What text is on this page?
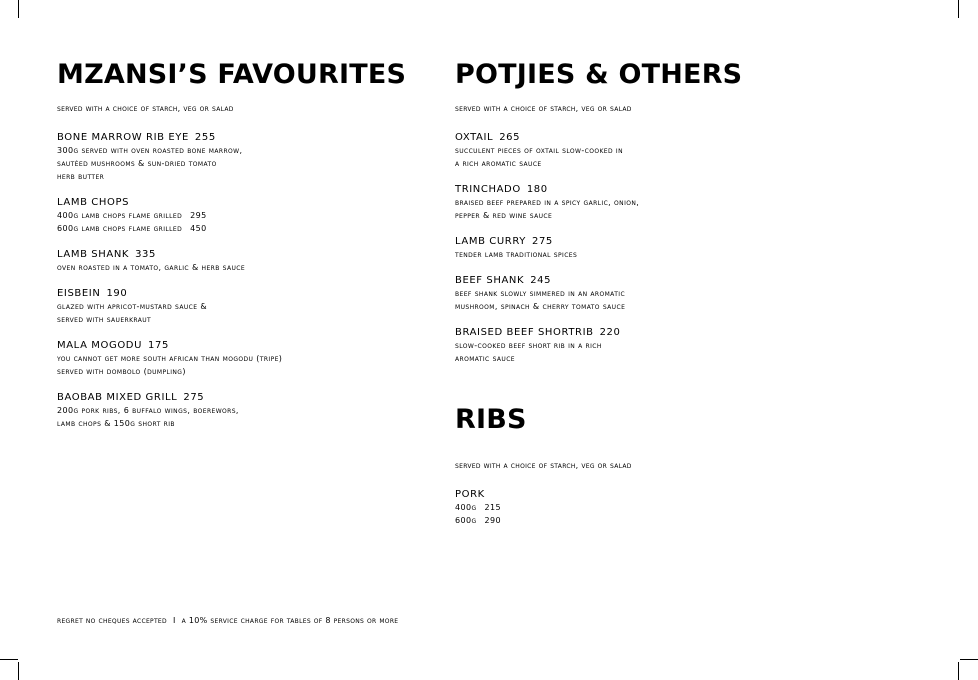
MZANSI’S FAVOURITES
served with a choice of starch, veg or salad
BONE MARROW RIB EYE 255
300g served with oven roasted bone marrow,
sautéed mushrooms & sun-dried tomato
herb butter
LAMB CHOPS
400g lamb chops flame grilled 295
600g lamb chops flame grilled 450
LAMB SHANK 335
oven roasted in a tomato, garlic & herb sauce
EISBEIN 190
glazed with apricot-mustard sauce &
served with sauerkraut
MALA MOGODU 175
you cannot get more south african than mogodu (tripe)
served with dombolo (dumpling)
BAOBAB MIXED GRILL 275
200g pork ribs, 6 buffalo wings, boerewors,
lamb chops & 150g short rib
POTJIES & OTHERS
served with a choice of starch, veg or salad
OXTAIL 265
succulent pieces of oxtail slow-cooked in
a rich aromatic sauce
TRINCHADO 180
braised beef prepared in a spicy garlic, onion,
pepper & red wine sauce
LAMB CURRY 275
tender lamb traditional spices
BEEF SHANK 245
beef shank slowly simmered in an aromatic
mushroom, spinach & cherry tomato sauce
BRAISED BEEF SHORTRIB 220
slow-cooked beef short rib in a rich
aromatic sauce
RIBS
served with a choice of starch, veg or salad
PORK
400g 215
600g 290
regret no cheques accepted I a 10% service charge for tables of 8 persons or more
